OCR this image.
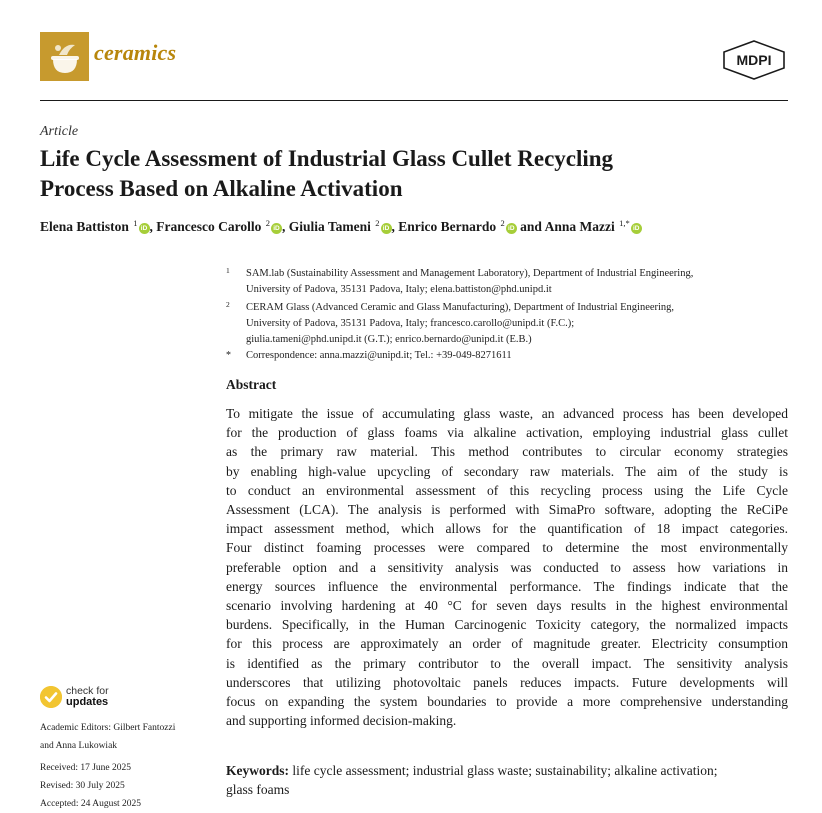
ceramics	MDPI
Article
Life Cycle Assessment of Industrial Glass Cullet Recycling
Process Based on Alkaline Activation
Elena Battiston $^1$iD , Francesco Carollo $^2$iD , Giulia Tameni $^2$iD , Enrico Bernardo $^2$iD and Anna Mazzi $^{1,*}$iD
1 SAM.lab (Sustainability Assessment and Management Laboratory), Department of Industrial Engineering,
University of Padova, 35131 Padova, Italy; elena.battiston@phd.unipd.it
2 CERAM Glass (Advanced Ceramic and Glass Manufacturing), Department of Industrial Engineering,
University of Padova, 35131 Padova, Italy; francesco.carollo@unipd.it (F.C.);
giulia.tameni@phd.unipd.it (G.T.); enrico.bernardo@unipd.it (E.B.)
* Correspondence: anna.mazzi@unipd.it; Tel.: +39-049-8271611
Abstract
To mitigate the issue of accumulating glass waste, an advanced process has been developed
for the production of glass foams via alkaline activation, employing industrial glass cullet
as the primary raw material. This method contributes to circular economy strategies
by enabling high-value upcycling of secondary raw materials. The aim of the study is
to conduct an environmental assessment of this recycling process using the Life Cycle
Assessment (LCA). The analysis is performed with SimaPro software, adopting the ReCiPe
impact assessment method, which allows for the quantification of 18 impact categories.
Four distinct foaming processes were compared to determine the most environmentally
preferable option and a sensitivity analysis was conducted to assess how variations in
energy sources influence the environmental performance. The findings indicate that the
scenario involving hardening at 40 °C for seven days results in the highest environmental
burdens. Specifically, in the Human Carcinogenic Toxicity category, the normalized impacts
for this process are approximately an order of magnitude greater. Electricity consumption
is identified as the primary contributor to the overall impact. The sensitivity analysis
underscores that utilizing photovoltaic panels reduces impacts. Future developments will
focus on expanding the system boundaries to provide a more comprehensive understanding
and supporting informed decision-making.
Keywords: life cycle assessment; industrial glass waste; sustainability; alkaline activation;
glass foams
check for
updates
Academic Editors: Gilbert Fantozzi
and Anna Lukowiak
Received: 17 June 2025
Revised: 30 July 2025
Accepted: 24 August 2025
